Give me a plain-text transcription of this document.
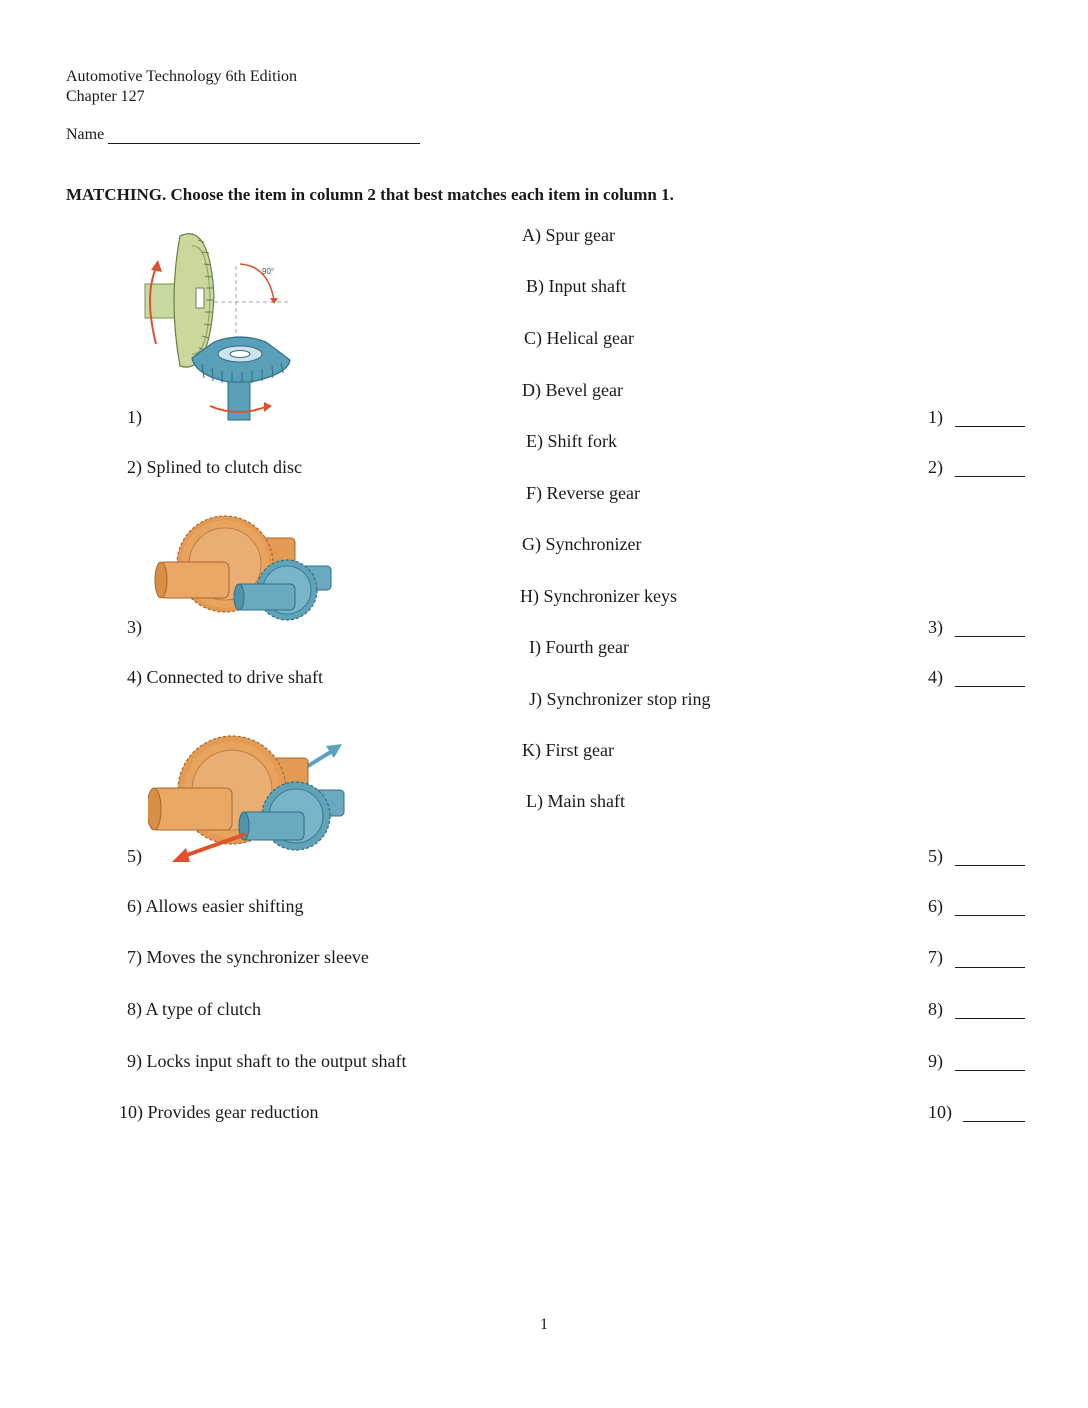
Automotive Technology 6th Edition
Chapter 127
Name
MATCHING. Choose the item in column 2 that best matches each item in column 1.
1)
2) Splined to clutch disc
3)
4) Connected to drive shaft
5)
6) Allows easier shifting
7) Moves the synchronizer sleeve
8) A type of clutch
9) Locks input shaft to the output shaft
10) Provides gear reduction
A) Spur gear
B) Input shaft
C) Helical gear
D) Bevel gear
E) Shift fork
F) Reverse gear
G) Synchronizer
H) Synchronizer keys
I) Fourth gear
J) Synchronizer stop ring
K) First gear
L) Main shaft
1)
2)
3)
4)
5)
6)
7)
8)
9)
10)
90°
1
